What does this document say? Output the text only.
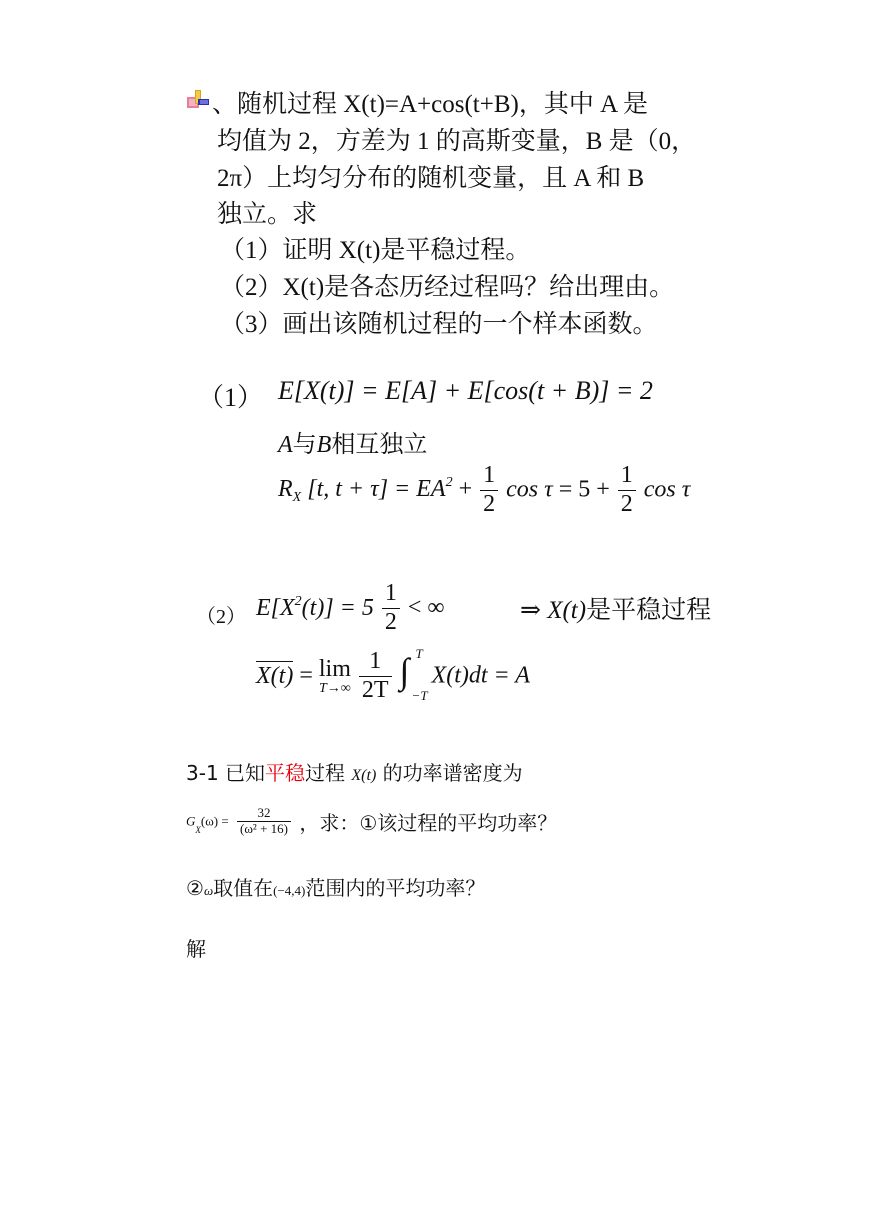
、随机过程 X(t)=A+cos(t+B)，其中 A 是
均值为 2，方差为 1 的高斯变量，B 是（0，
2π）上均匀分布的随机变量，且 A 和 B
独立。求
（1）证明 X(t)是平稳过程。
（2）X(t)是各态历经过程吗？给出理由。
（3）画出该随机过程的一个样本函数。
（1） E[X(t)] = E[A] + E[cos(t + B)] = 2
A与B相互独立
$R_X$ [t, $t + \tau] = EA^2 + \frac{1}{2}$ $\cos \tau = 5 + \frac{1}{2}$ cos τ
（2） $E[X^2(t)] = 5 \frac{1}{2}$ < ∞	⇒ X(t)是平稳过程
X(t) = lim
T→∞
$\frac{1}{2T}$
∫ T
−T
X(t)dt = A
3-1 已知平稳过程 X(t) 的功率谱密度为
$G_X(\omega) = \frac{32}{\text{(ω² + 16)}}$ ，求：①该过程的平均功率？
②ω取值在(−4,4)范围内的平均功率？
解
